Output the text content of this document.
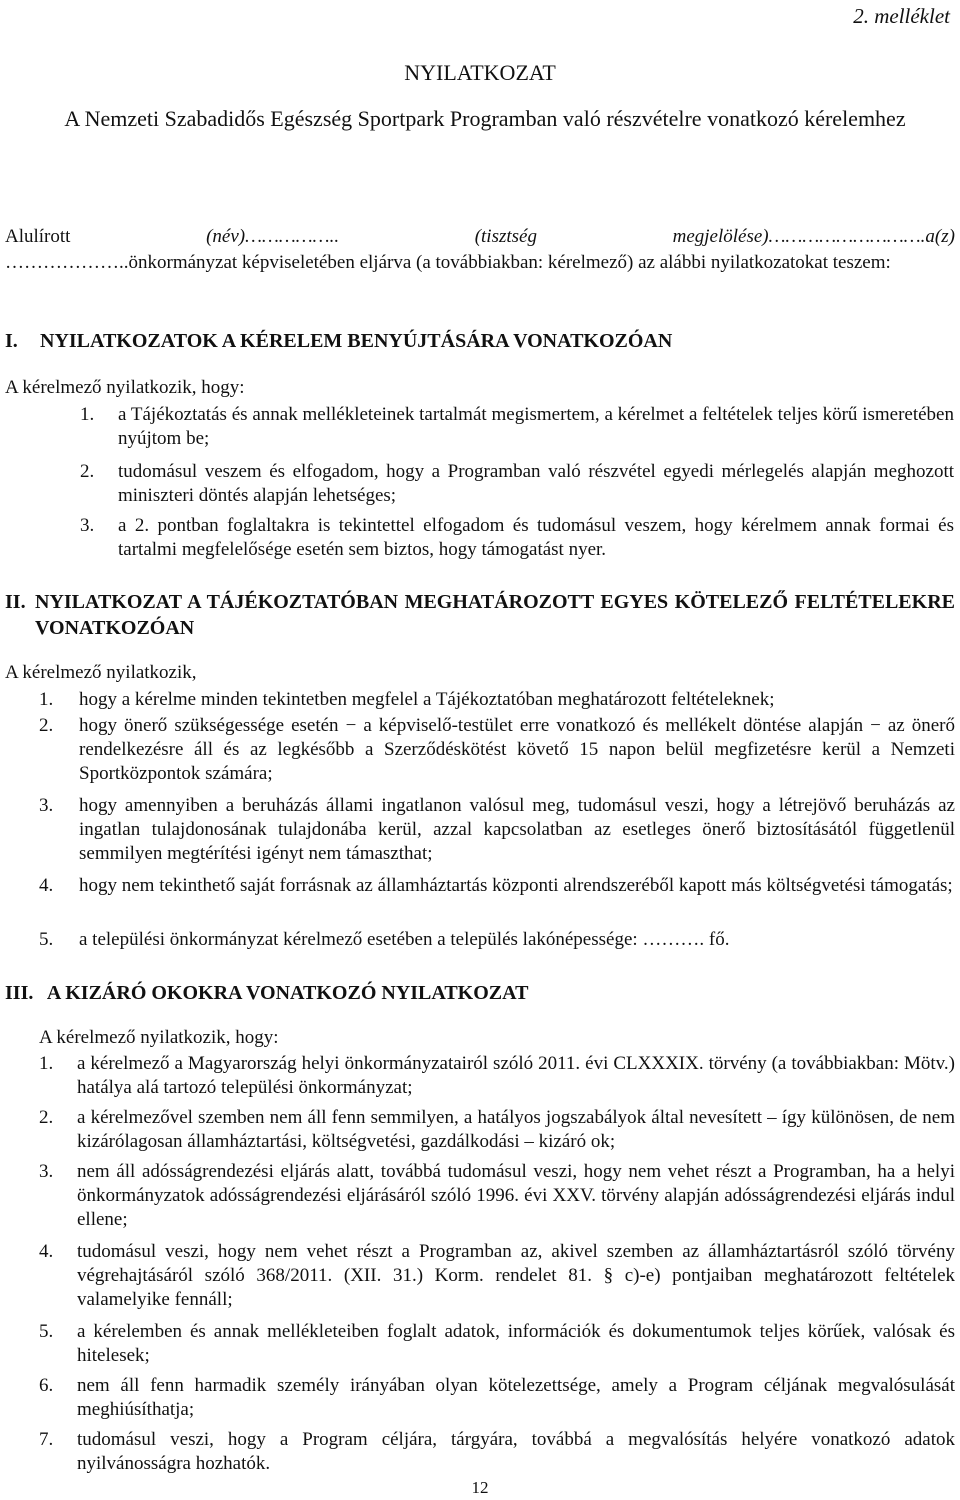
2. melléklet
NYILATKOZAT
A Nemzeti Szabadidős Egészség Sportpark Programban való részvételre vonatkozó kérelemhez
Alulírott	(név)……………..	(tisztség	megjelölése)……………………….a(z)
………………..önkormányzat képviseletében eljárva (a továbbiakban: kérelmező) az alábbi nyilatkozatokat teszem:
I. NYILATKOZATOK A KÉRELEM BENYÚJTÁSÁRA VONATKOZÓAN
A kérelmező nyilatkozik, hogy:
1.	a Tájékoztatás és annak mellékleteinek tartalmát megismertem, a kérelmet a feltételek teljes körű ismeretében nyújtom be;
2.	tudomásul veszem és elfogadom, hogy a Programban való részvétel egyedi mérlegelés alapján meghozott miniszteri döntés alapján lehetséges;
3.	a 2. pontban foglaltakra is tekintettel elfogadom és tudomásul veszem, hogy kérelmem annak formai és tartalmi megfelelősége esetén sem biztos, hogy támogatást nyer.
II. NYILATKOZAT A TÁJÉKOZTATÓBAN MEGHATÁROZOTT EGYES KÖTELEZŐ FELTÉTELEKRE VONATKOZÓAN
A kérelmező nyilatkozik,
1.	hogy a kérelme minden tekintetben megfelel a Tájékoztatóban meghatározott feltételeknek;
2.	hogy önerő szükségessége esetén − a képviselő-testület erre vonatkozó és mellékelt döntése alapján − az önerő rendelkezésre áll és az legkésőbb a Szerződéskötést követő 15 napon belül megfizetésre kerül a Nemzeti Sportközpontok számára;
3.	hogy amennyiben a beruházás állami ingatlanon valósul meg, tudomásul veszi, hogy a létrejövő beruházás az ingatlan tulajdonosának tulajdonába kerül, azzal kapcsolatban az esetleges önerő biztosításától függetlenül semmilyen megtérítési igényt nem támaszthat;
4.	hogy nem tekinthető saját forrásnak az államháztartás központi alrendszeréből kapott más költségvetési támogatás;
5.	a települési önkormányzat kérelmező esetében a település lakónépessége: ………. fő.
III. A KIZÁRÓ OKOKRA VONATKOZÓ NYILATKOZAT
A kérelmező nyilatkozik, hogy:
1.	a kérelmező a Magyarország helyi önkormányzatairól szóló 2011. évi CLXXXIX. törvény (a továbbiakban: Mötv.) hatálya alá tartozó települési önkormányzat;
2.	a kérelmezővel szemben nem áll fenn semmilyen, a hatályos jogszabályok által nevesített – így különösen, de nem kizárólagosan államháztartási, költségvetési, gazdálkodási – kizáró ok;
3.	nem áll adósságrendezési eljárás alatt, továbbá tudomásul veszi, hogy nem vehet részt a Programban, ha a helyi önkormányzatok adósságrendezési eljárásáról szóló 1996. évi XXV. törvény alapján adósságrendezési eljárás indul ellene;
4.	tudomásul veszi, hogy nem vehet részt a Programban az, akivel szemben az államháztartásról szóló törvény végrehajtásáról szóló 368/2011. (XII. 31.) Korm. rendelet 81. § c)-e) pontjaiban meghatározott feltételek valamelyike fennáll;
5.	a kérelemben és annak mellékleteiben foglalt adatok, információk és dokumentumok teljes körűek, valósak és hitelesek;
6.	nem áll fenn harmadik személy irányában olyan kötelezettsége, amely a Program céljának megvalósulását meghiúsíthatja;
7.	tudomásul veszi, hogy a Program céljára, tárgyára, továbbá a megvalósítás helyére vonatkozó adatok nyilvánosságra hozhatók.
12
